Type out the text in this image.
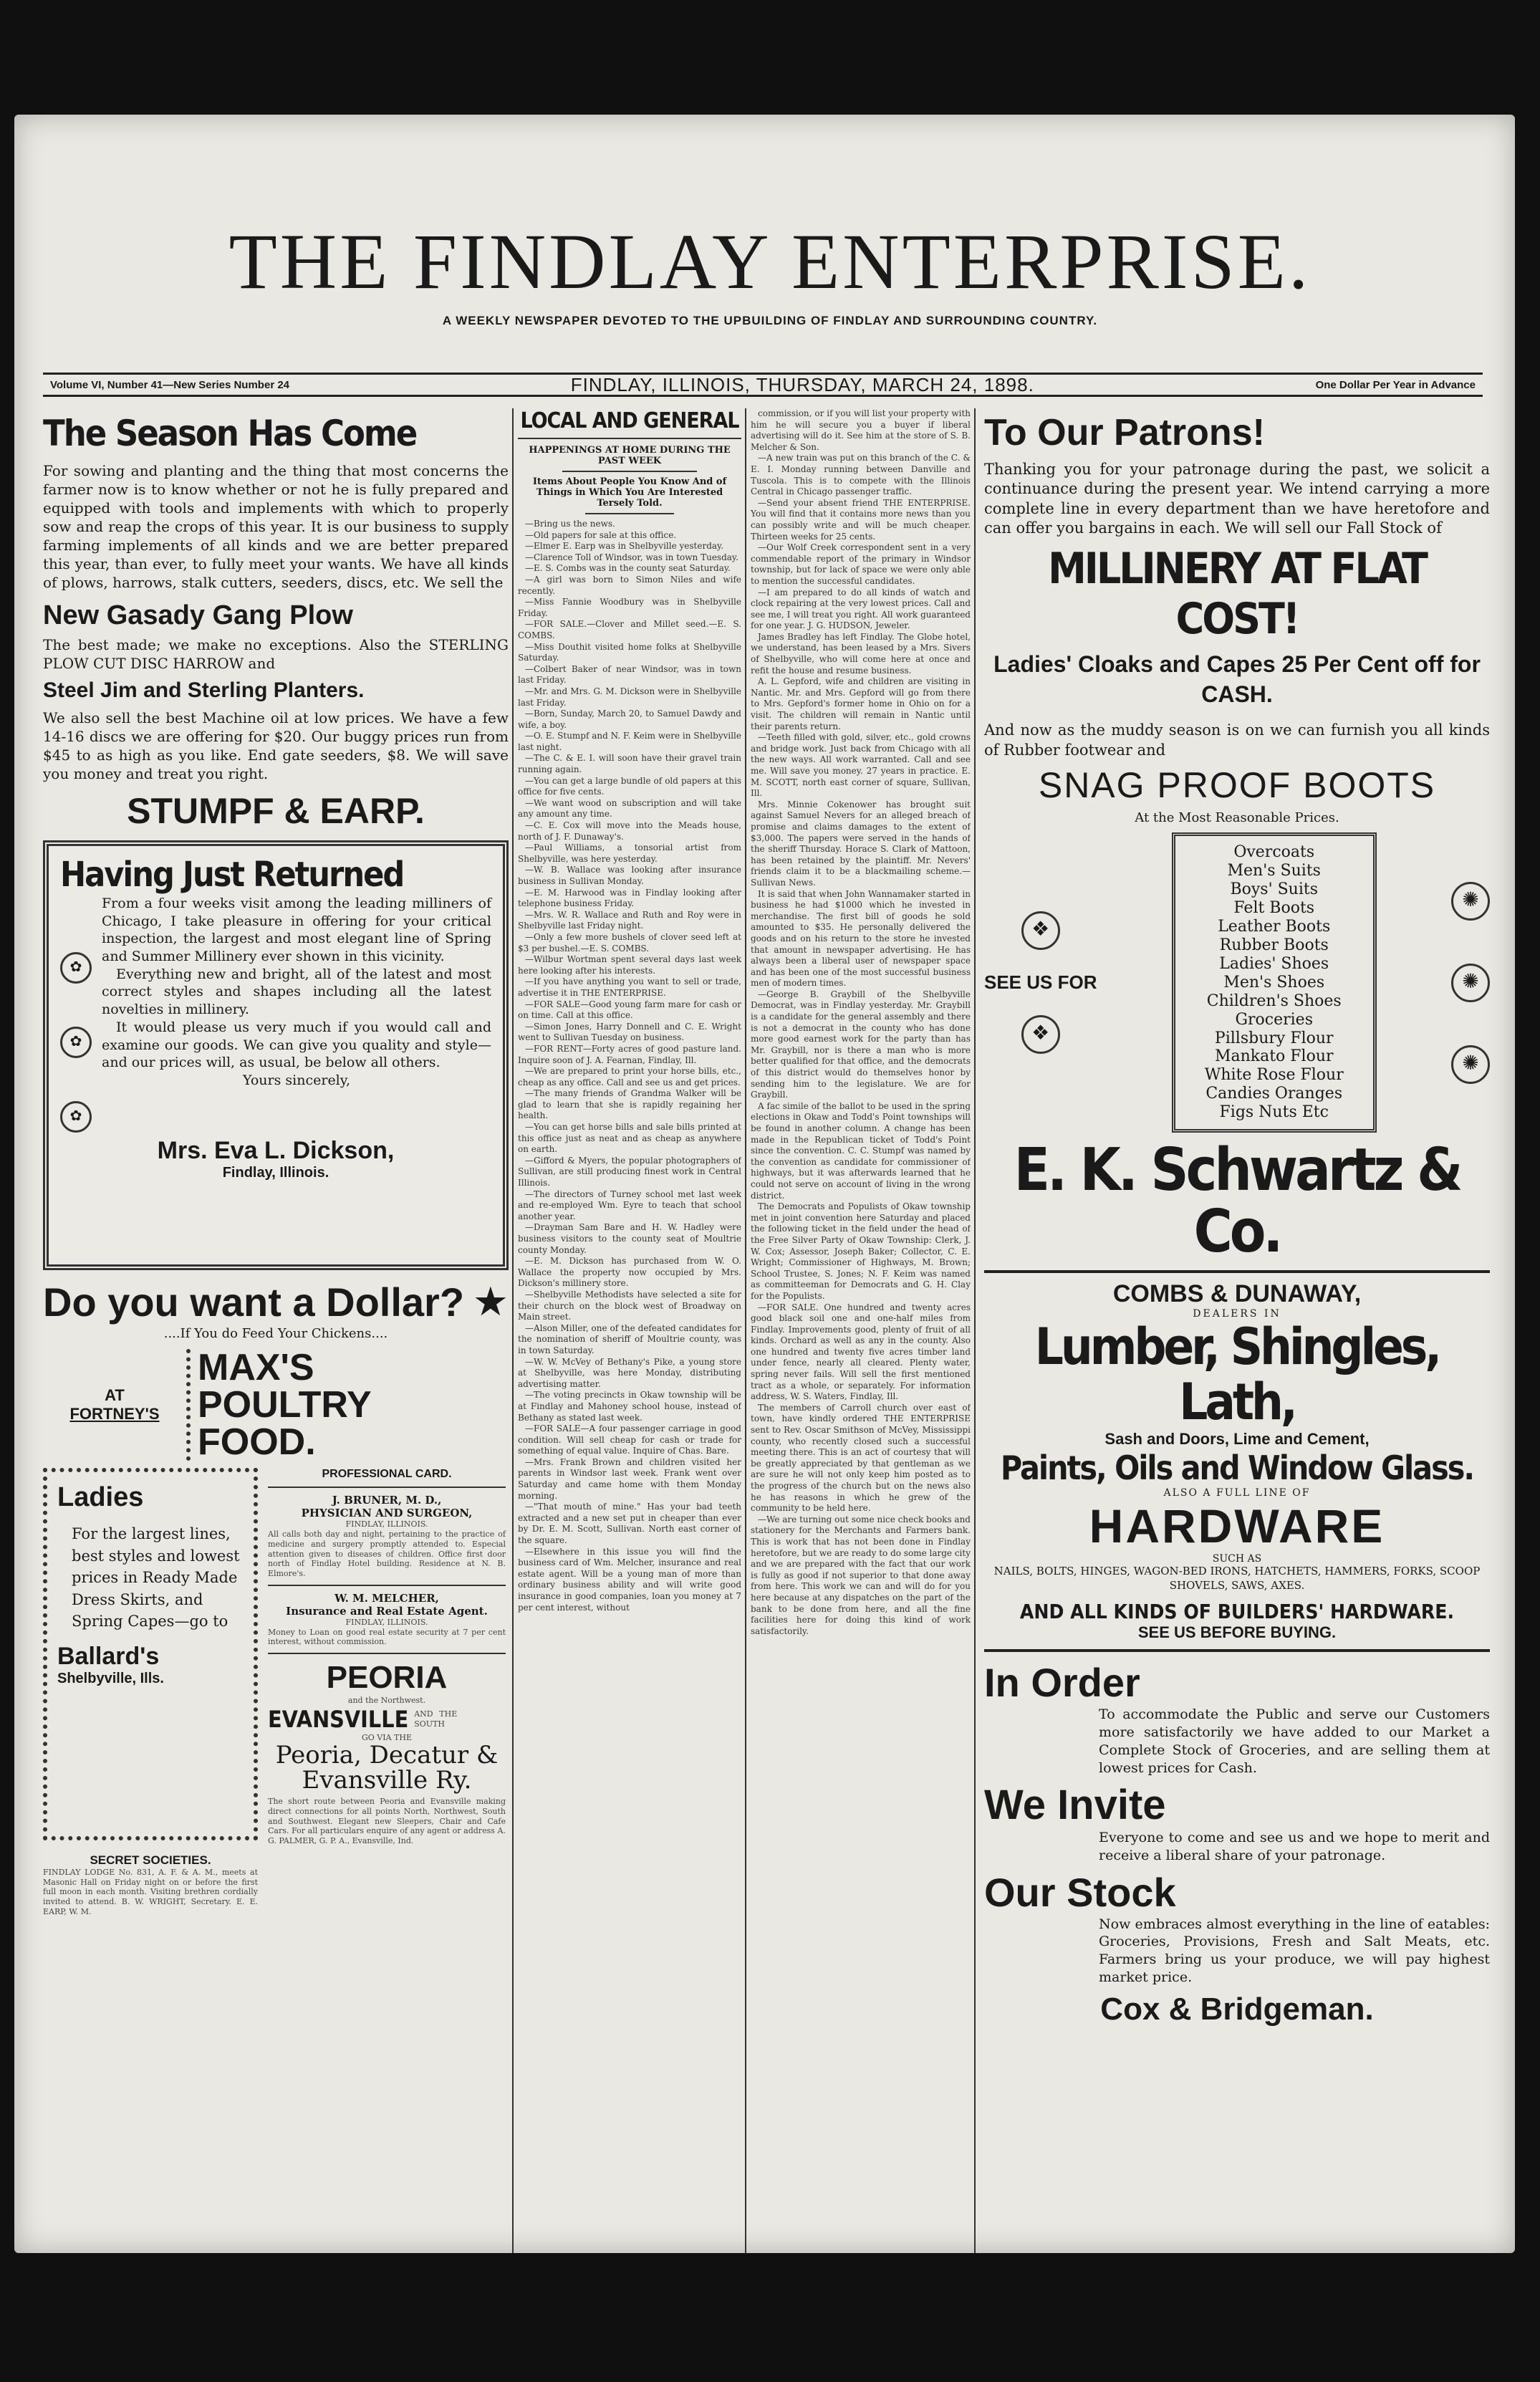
THE FINDLAY ENTERPRISE.
A WEEKLY NEWSPAPER DEVOTED TO THE UPBUILDING OF FINDLAY AND SURROUNDING COUNTRY.
Volume VI, Number 41—New Series Number 24	FINDLAY, ILLINOIS, THURSDAY, MARCH 24, 1898.	One Dollar Per Year in Advance
The Season Has Come
For sowing and planting and the thing that most concerns the farmer now is to know whether or not he is fully prepared and equipped with tools and implements with which to properly sow and reap the crops of this year. It is our business to supply farming implements of all kinds and we are better prepared this year, than ever, to fully meet your wants. We have all kinds of plows, harrows, stalk cutters, seeders, discs, etc. We sell the
New Gasady Gang Plow
The best made; we make no exceptions. Also the STERLING PLOW CUT DISC HARROW and
Steel Jim and Sterling Planters.
We also sell the best Machine oil at low prices. We have a few 14-16 discs we are offering for $20. Our buggy prices run from $45 to as high as you like. End gate seeders, $8. We will save you money and treat you right.
STUMPF & EARP.
Having Just Returned
✿
✿
✿
From a four weeks visit among the leading milliners of Chicago, I take pleasure in offering for your critical inspection, the largest and most elegant line of Spring and Summer Millinery ever shown in this vicinity.
Everything new and bright, all of the latest and most correct styles and shapes including all the latest novelties in millinery.
It would please us very much if you would call and examine our goods. We can give you quality and style—and our prices will, as usual, be below all others.
Yours sincerely,
Mrs. Eva L. Dickson,
Findlay, Illinois.
Do you want a Dollar? ★
....If You do Feed Your Chickens....
AT
FORTNEY'S
MAX'S
POULTRY
FOOD.
Ladies
For the largest lines, best styles and lowest prices in Ready Made Dress Skirts, and Spring Capes—go to
Ballard's
Shelbyville, Ills.
PROFESSIONAL CARD.
J. BRUNER, M. D.,
PHYSICIAN AND SURGEON,
FINDLAY, ILLINOIS.
All calls both day and night, pertaining to the practice of medicine and surgery promptly attended to. Especial attention given to diseases of children. Office first door north of Findlay Hotel building. Residence at N. B. Elmore's.
W. M. MELCHER,
Insurance and Real Estate Agent.
FINDLAY, ILLINOIS.
Money to Loan on good real estate security at 7 per cent interest, without commission.
PEORIA
and the Northwest.
EVANSVILLE AND THE SOUTH
GO VIA THE
Peoria, Decatur & Evansville Ry.
The short route between Peoria and Evansville making direct connections for all points North, Northwest, South and Southwest. Elegant new Sleepers, Chair and Cafe Cars. For all particulars enquire of any agent or address A. G. PALMER, G. P. A., Evansville, Ind.
SECRET SOCIETIES.
FINDLAY LODGE No. 831, A. F. & A. M., meets at Masonic Hall on Friday night on or before the first full moon in each month. Visiting brethren cordially invited to attend. B. W. WRIGHT, Secretary. E. E. EARP, W. M.
LOCAL AND GENERAL
HAPPENINGS AT HOME DURING THE PAST WEEK
Items About People You Know And of Things in Which You Are Interested Tersely Told.
—Bring us the news.
—Old papers for sale at this office.
—Elmer E. Earp was in Shelbyville yesterday.
—Clarence Toll of Windsor, was in town Tuesday.
—E. S. Combs was in the county seat Saturday.
—A girl was born to Simon Niles and wife recently.
—Miss Fannie Woodbury was in Shelbyville Friday.
—FOR SALE.—Clover and Millet seed.—E. S. COMBS.
—Miss Douthit visited home folks at Shelbyville Saturday.
—Colbert Baker of near Windsor, was in town last Friday.
—Mr. and Mrs. G. M. Dickson were in Shelbyville last Friday.
—Born, Sunday, March 20, to Samuel Dawdy and wife, a boy.
—O. E. Stumpf and N. F. Keim were in Shelbyville last night.
—The C. & E. I. will soon have their gravel train running again.
—You can get a large bundle of old papers at this office for five cents.
—We want wood on subscription and will take any amount any time.
—C. E. Cox will move into the Meads house, north of J. F. Dunaway's.
—Paul Williams, a tonsorial artist from Shelbyville, was here yesterday.
—W. B. Wallace was looking after insurance business in Sullivan Monday.
—E. M. Harwood was in Findlay looking after telephone business Friday.
—Mrs. W. R. Wallace and Ruth and Roy were in Shelbyville last Friday night.
—Only a few more bushels of clover seed left at $3 per bushel.—E. S. COMBS.
—Wilbur Wortman spent several days last week here looking after his interests.
—If you have anything you want to sell or trade, advertise it in THE ENTERPRISE.
—FOR SALE—Good young farm mare for cash or on time. Call at this office.
—Simon Jones, Harry Donnell and C. E. Wright went to Sullivan Tuesday on business.
—FOR RENT—Forty acres of good pasture land. Inquire soon of J. A. Fearnan, Findlay, Ill.
—We are prepared to print your horse bills, etc., cheap as any office. Call and see us and get prices.
—The many friends of Grandma Walker will be glad to learn that she is rapidly regaining her health.
—You can get horse bills and sale bills printed at this office just as neat and as cheap as anywhere on earth.
—Gifford & Myers, the popular photographers of Sullivan, are still producing finest work in Central Illinois.
—The directors of Turney school met last week and re-employed Wm. Eyre to teach that school another year.
—Drayman Sam Bare and H. W. Hadley were business visitors to the county seat of Moultrie county Monday.
—E. M. Dickson has purchased from W. O. Wallace the property now occupied by Mrs. Dickson's millinery store.
—Shelbyville Methodists have selected a site for their church on the block west of Broadway on Main street.
—Alson Miller, one of the defeated candidates for the nomination of sheriff of Moultrie county, was in town Saturday.
—W. W. McVey of Bethany's Pike, a young store at Shelbyville, was here Monday, distributing advertising matter.
—The voting precincts in Okaw township will be at Findlay and Mahoney school house, instead of Bethany as stated last week.
—FOR SALE—A four passenger carriage in good condition. Will sell cheap for cash or trade for something of equal value. Inquire of Chas. Bare.
—Mrs. Frank Brown and children visited her parents in Windsor last week. Frank went over Saturday and came home with them Monday morning.
—"That mouth of mine." Has your bad teeth extracted and a new set put in cheaper than ever by Dr. E. M. Scott, Sullivan. North east corner of the square.
—Elsewhere in this issue you will find the business card of Wm. Melcher, insurance and real estate agent. Will be a young man of more than ordinary business ability and will write good insurance in good companies, loan you money at 7 per cent interest, without
commission, or if you will list your property with him he will secure you a buyer if liberal advertising will do it. See him at the store of S. B. Melcher & Son.
—A new train was put on this branch of the C. & E. I. Monday running between Danville and Tuscola. This is to compete with the Illinois Central in Chicago passenger traffic.
—Send your absent friend THE ENTERPRISE. You will find that it contains more news than you can possibly write and will be much cheaper. Thirteen weeks for 25 cents.
—Our Wolf Creek correspondent sent in a very commendable report of the primary in Windsor township, but for lack of space we were only able to mention the successful candidates.
—I am prepared to do all kinds of watch and clock repairing at the very lowest prices. Call and see me, I will treat you right. All work guaranteed for one year. J. G. HUDSON, Jeweler.
James Bradley has left Findlay. The Globe hotel, we understand, has been leased by a Mrs. Sivers of Shelbyville, who will come here at once and refit the house and resume business.
A. L. Gepford, wife and children are visiting in Nantic. Mr. and Mrs. Gepford will go from there to Mrs. Gepford's former home in Ohio on for a visit. The children will remain in Nantic until their parents return.
—Teeth filled with gold, silver, etc., gold crowns and bridge work. Just back from Chicago with all the new ways. All work warranted. Call and see me. Will save you money. 27 years in practice. E. M. SCOTT, north east corner of square, Sullivan, Ill.
Mrs. Minnie Cokenower has brought suit against Samuel Nevers for an alleged breach of promise and claims damages to the extent of $3,000. The papers were served in the hands of the sheriff Thursday. Horace S. Clark of Mattoon, has been retained by the plaintiff. Mr. Nevers' friends claim it to be a blackmailing scheme.—Sullivan News.
It is said that when John Wannamaker started in business he had $1000 which he invested in merchandise. The first bill of goods he sold amounted to $35. He personally delivered the goods and on his return to the store he invested that amount in newspaper advertising. He has always been a liberal user of newspaper space and has been one of the most successful business men of modern times.
—George B. Graybill of the Shelbyville Democrat, was in Findlay yesterday. Mr. Graybill is a candidate for the general assembly and there is not a democrat in the county who has done more good earnest work for the party than has Mr. Graybill, nor is there a man who is more better qualified for that office, and the democrats of this district would do themselves honor by sending him to the legislature. We are for Graybill.
A fac simile of the ballot to be used in the spring elections in Okaw and Todd's Point townships will be found in another column. A change has been made in the Republican ticket of Todd's Point since the convention. C. C. Stumpf was named by the convention as candidate for commissioner of highways, but it was afterwards learned that he could not serve on account of living in the wrong district.
The Democrats and Populists of Okaw township met in joint convention here Saturday and placed the following ticket in the field under the head of the Free Silver Party of Okaw Township: Clerk, J. W. Cox; Assessor, Joseph Baker; Collector, C. E. Wright; Commissioner of Highways, M. Brown; School Trustee, S. Jones; N. F. Keim was named as committeeman for Democrats and G. H. Clay for the Populists.
—FOR SALE. One hundred and twenty acres good black soil one and one-half miles from Findlay. Improvements good, plenty of fruit of all kinds. Orchard as well as any in the county. Also one hundred and twenty five acres timber land under fence, nearly all cleared. Plenty water, spring never fails. Will sell the first mentioned tract as a whole, or separately. For information address, W. S. Waters, Findlay, Ill.
The members of Carroll church over east of town, have kindly ordered THE ENTERPRISE sent to Rev. Oscar Smithson of McVey, Mississippi county, who recently closed such a successful meeting there. This is an act of courtesy that will be greatly appreciated by that gentleman as we are sure he will not only keep him posted as to the progress of the church but on the news also he has reasons in which he grew of the community to be held here.
—We are turning out some nice check books and stationery for the Merchants and Farmers bank. This is work that has not been done in Findlay heretofore, but we are ready to do some large city and we are prepared with the fact that our work is fully as good if not superior to that done away from here. This work we can and will do for you here because at any dispatches on the part of the bank to be done from here, and all the fine facilities here for doing this kind of work satisfactorily.
To Our Patrons!
Thanking you for your patronage during the past, we solicit a continuance during the present year. We intend carrying a more complete line in every department than we have heretofore and can offer you bargains in each. We will sell our Fall Stock of
MILLINERY AT FLAT COST!
Ladies' Cloaks and Capes 25 Per Cent off for CASH.
And now as the muddy season is on we can furnish you all kinds of Rubber footwear and
SNAG PROOF BOOTS
At the Most Reasonable Prices.
❖
SEE US FOR
❖
Overcoats
Men's Suits
Boys' Suits
Felt Boots
Leather Boots
Rubber Boots
Ladies' Shoes
Men's Shoes
Children's Shoes
Groceries
Pillsbury Flour
Mankato Flour
White Rose Flour
Candies Oranges
Figs Nuts Etc
✺
✺
✺
E. K. Schwartz & Co.
COMBS & DUNAWAY,
DEALERS IN
Lumber, Shingles, Lath,
Sash and Doors, Lime and Cement,
Paints, Oils and Window Glass.
ALSO A FULL LINE OF
HARDWARE
SUCH AS
NAILS, BOLTS, HINGES, WAGON-BED IRONS, HATCHETS, HAMMERS, FORKS, SCOOP SHOVELS, SAWS, AXES.
AND ALL KINDS OF BUILDERS' HARDWARE.
SEE US BEFORE BUYING.
In Order
To accommodate the Public and serve our Customers more satisfactorily we have added to our Market a Complete Stock of Groceries, and are selling them at lowest prices for Cash.
We Invite
Everyone to come and see us and we hope to merit and receive a liberal share of your patronage.
Our Stock
Now embraces almost everything in the line of eatables: Groceries, Provisions, Fresh and Salt Meats, etc. Farmers bring us your produce, we will pay highest market price.
Cox & Bridgeman.
